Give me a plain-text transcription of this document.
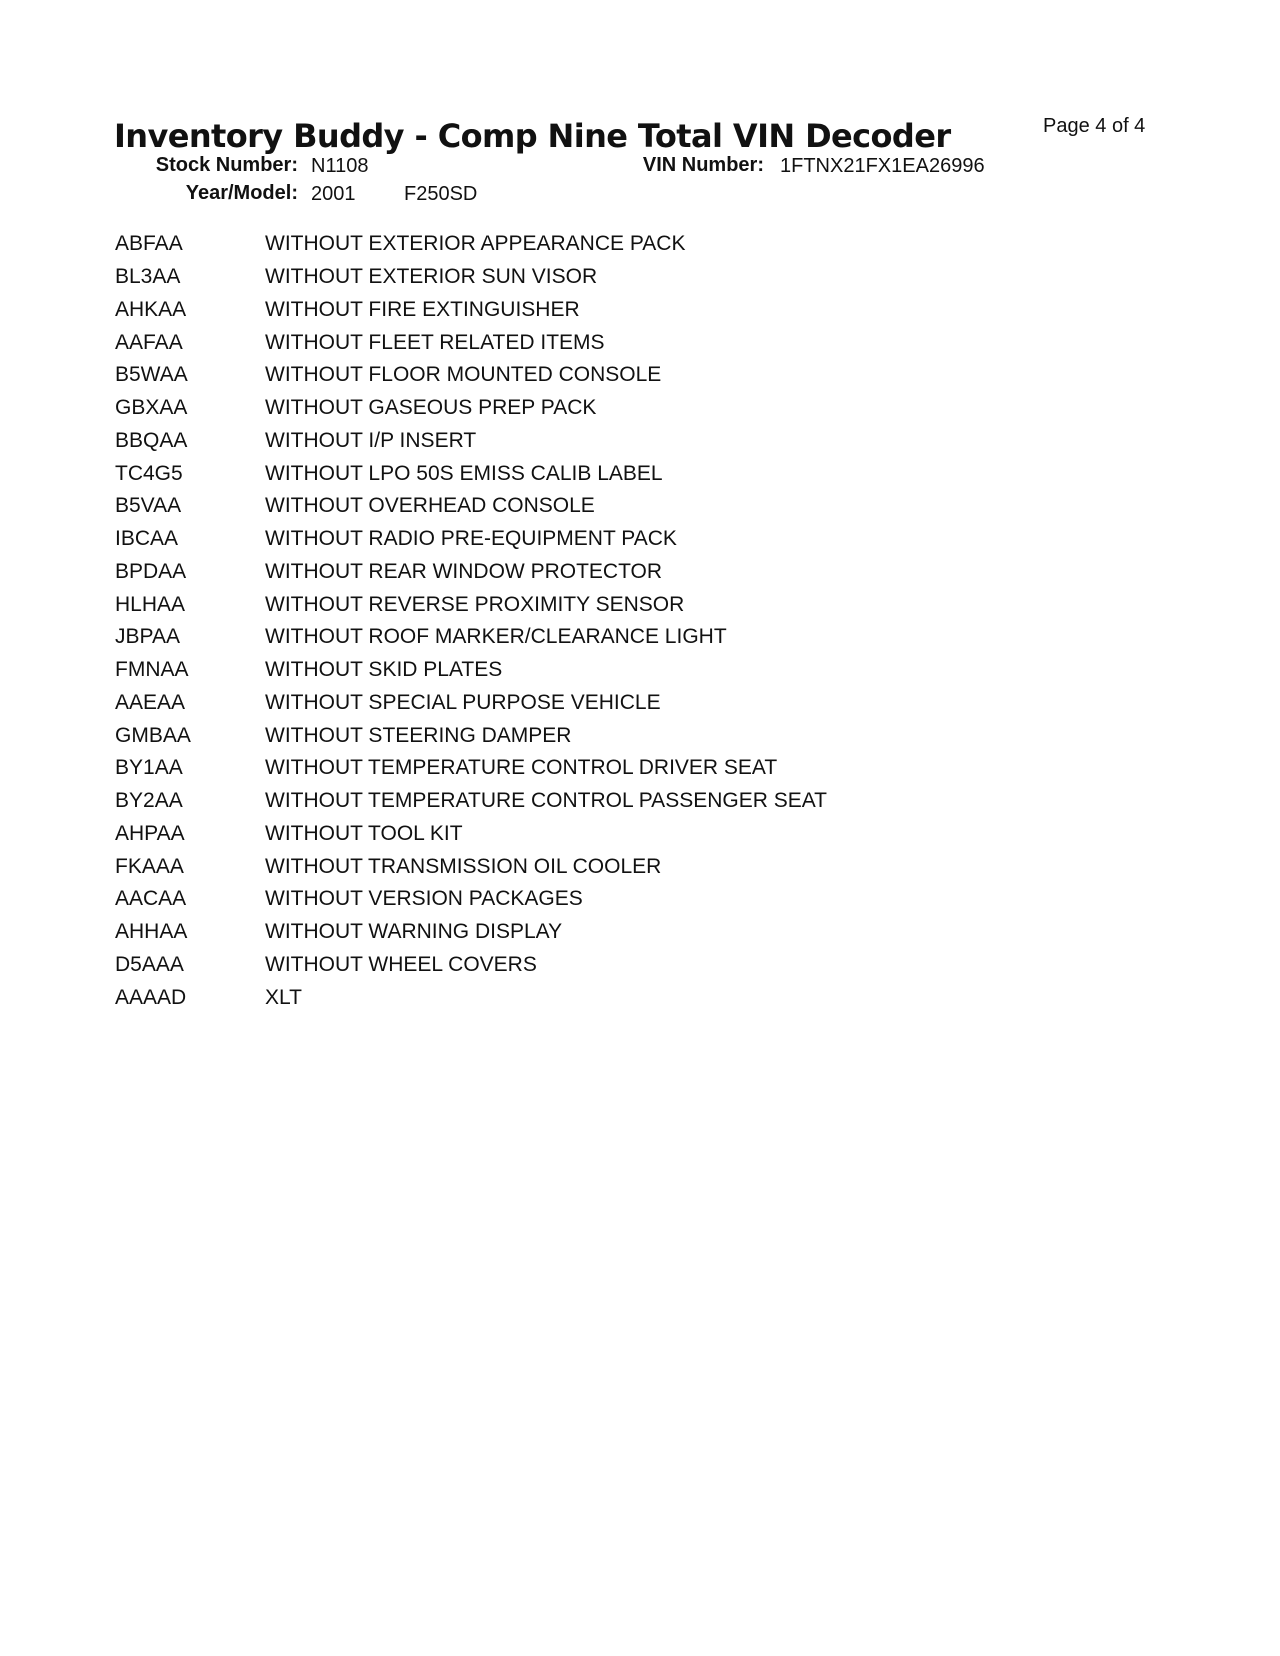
Inventory Buddy - Comp Nine Total VIN Decoder	Page 4 of 4
Stock Number: N1108	VIN Number: 1FTNX21FX1EA26996
Year/Model: 2001 F250SD
ABFAA	WITHOUT EXTERIOR APPEARANCE PACK
BL3AA	WITHOUT EXTERIOR SUN VISOR
AHKAA	WITHOUT FIRE EXTINGUISHER
AAFAA	WITHOUT FLEET RELATED ITEMS
B5WAA	WITHOUT FLOOR MOUNTED CONSOLE
GBXAA	WITHOUT GASEOUS PREP PACK
BBQAA	WITHOUT I/P INSERT
TC4G5	WITHOUT LPO 50S EMISS CALIB LABEL
B5VAA	WITHOUT OVERHEAD CONSOLE
IBCAA	WITHOUT RADIO PRE-EQUIPMENT PACK
BPDAA	WITHOUT REAR WINDOW PROTECTOR
HLHAA	WITHOUT REVERSE PROXIMITY SENSOR
JBPAA	WITHOUT ROOF MARKER/CLEARANCE LIGHT
FMNAA	WITHOUT SKID PLATES
AAEAA	WITHOUT SPECIAL PURPOSE VEHICLE
GMBAA	WITHOUT STEERING DAMPER
BY1AA	WITHOUT TEMPERATURE CONTROL DRIVER SEAT
BY2AA	WITHOUT TEMPERATURE CONTROL PASSENGER SEAT
AHPAA	WITHOUT TOOL KIT
FKAAA	WITHOUT TRANSMISSION OIL COOLER
AACAA	WITHOUT VERSION PACKAGES
AHHAA	WITHOUT WARNING DISPLAY
D5AAA	WITHOUT WHEEL COVERS
AAAAD	XLT
